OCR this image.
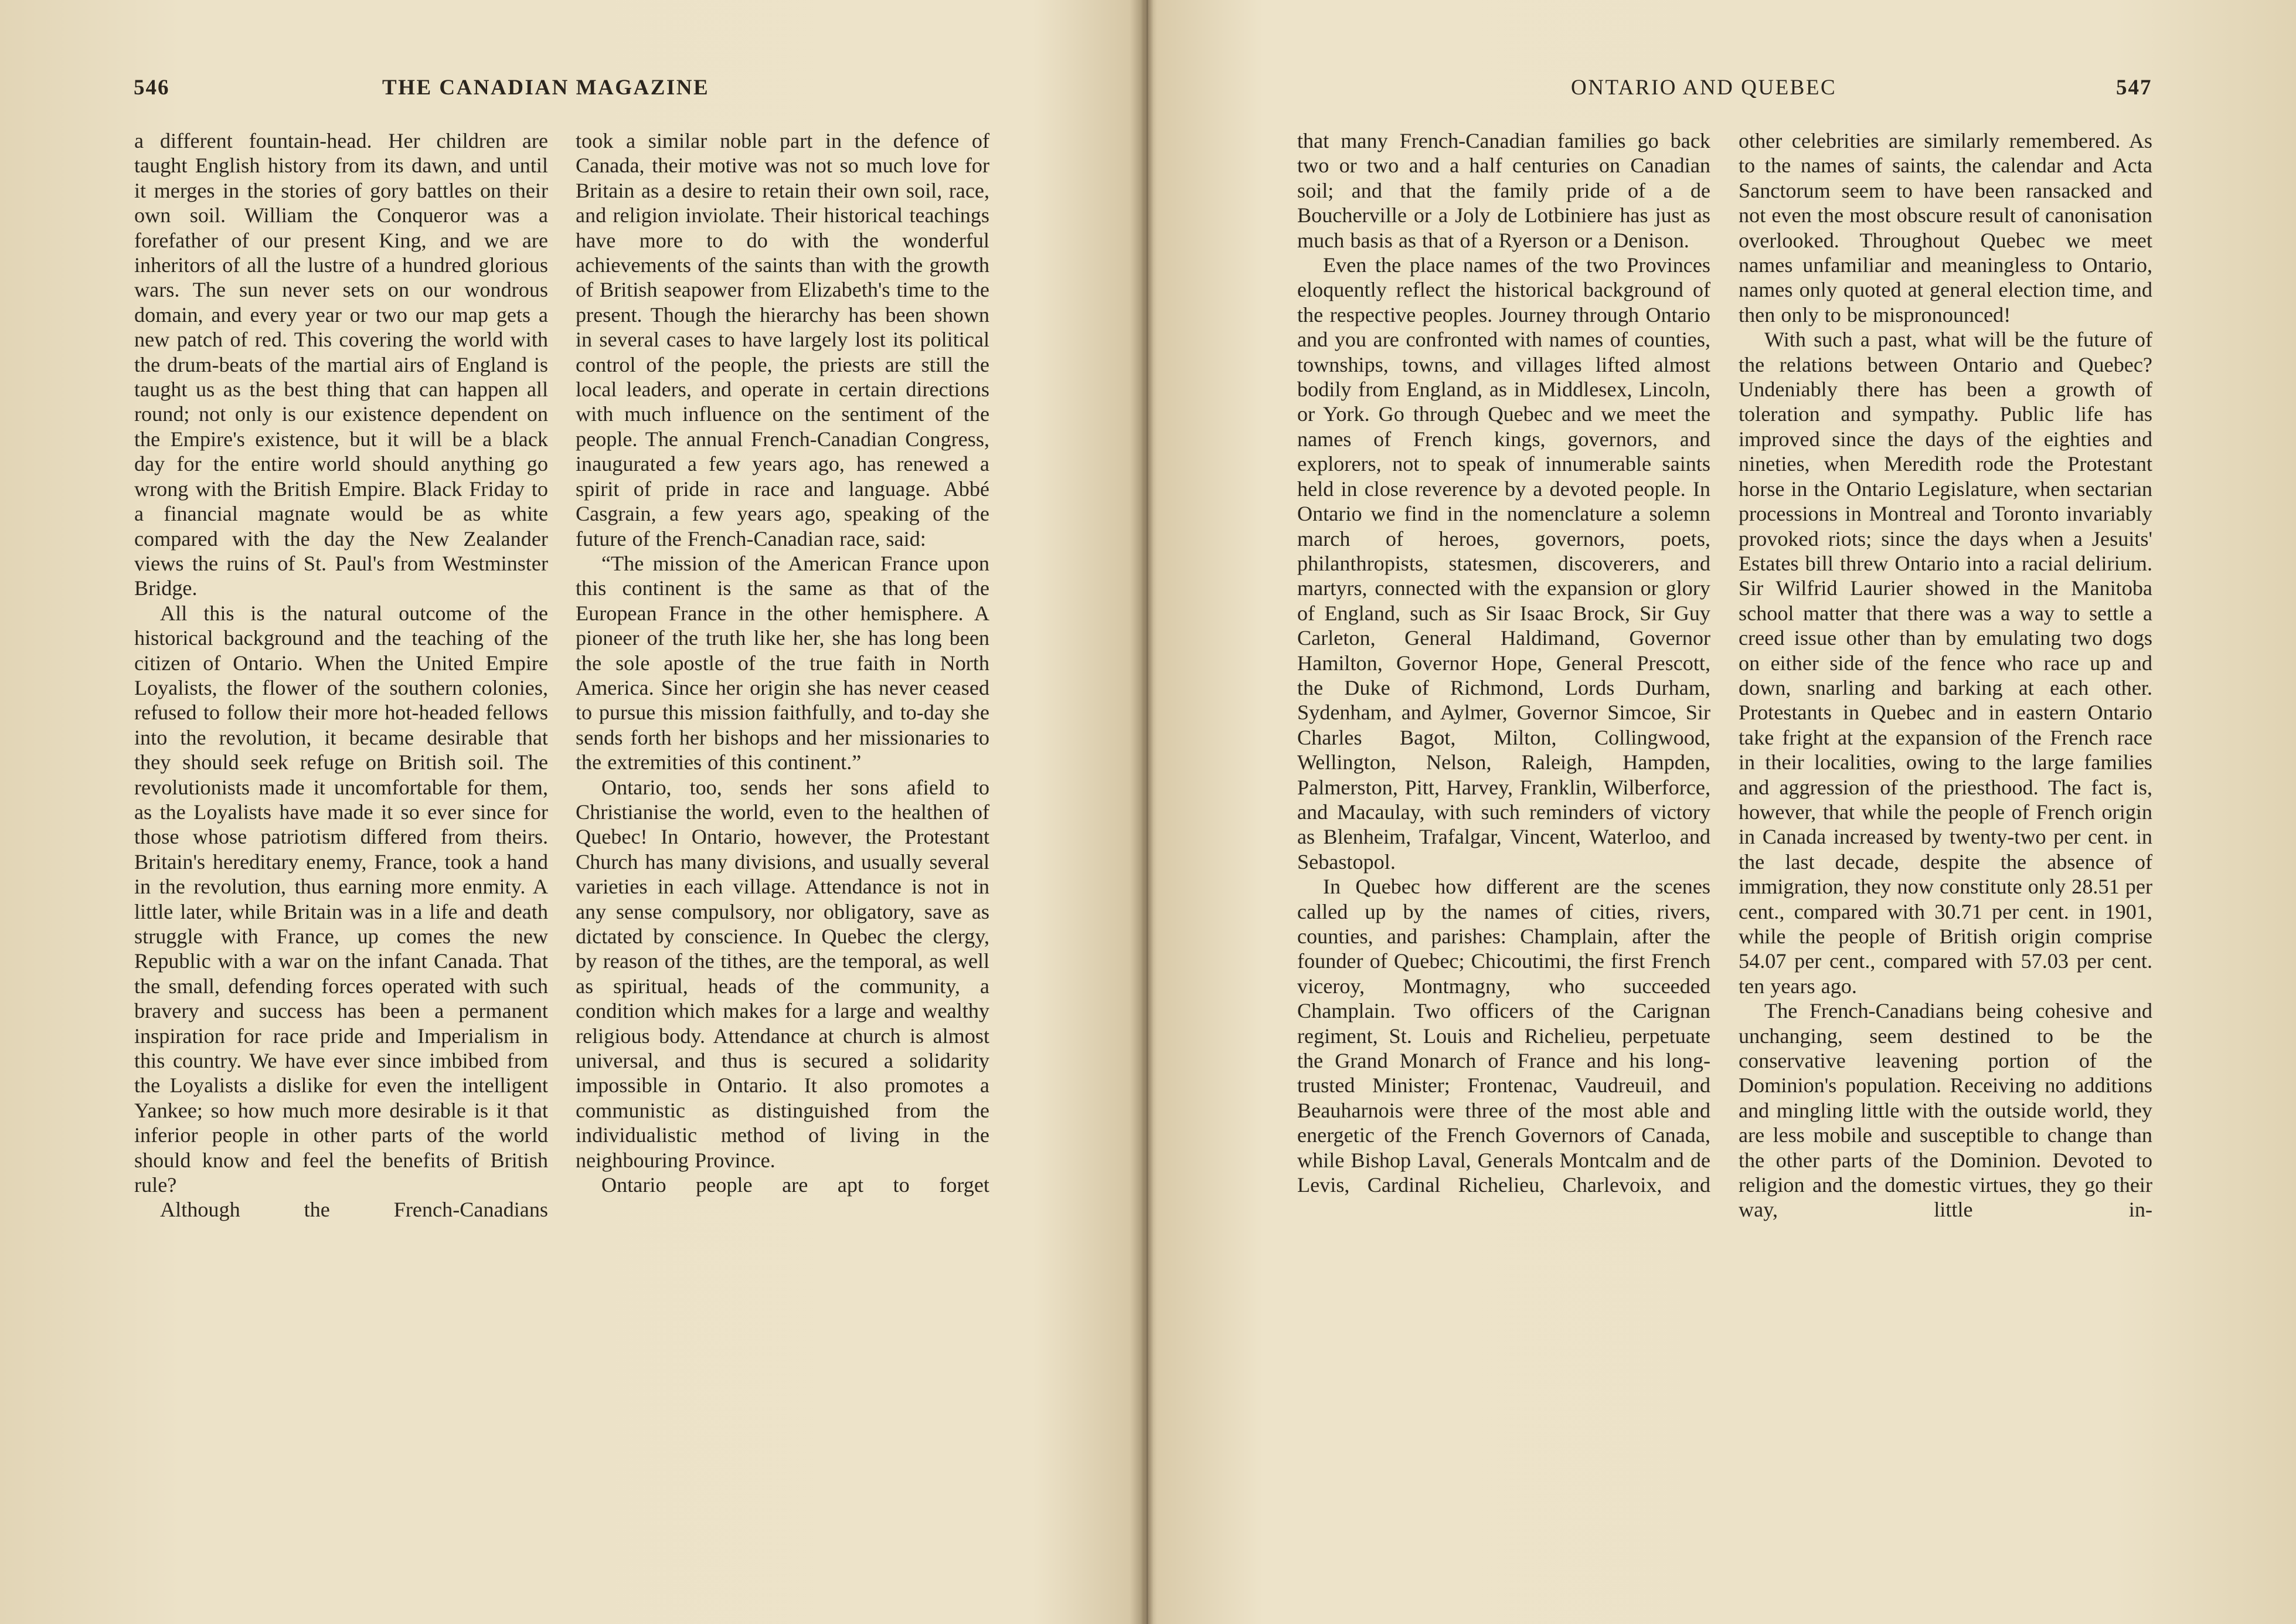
546	THE CANADIAN MAGAZINE

a different fountain-head. Her children are taught English history from its dawn, and until it merges in the stories of gory battles on their own soil. William the Conqueror was a forefather of our present King, and we are inheritors of all the lustre of a hundred glorious wars. The sun never sets on our wondrous domain, and every year or two our map gets a new patch of red. This covering the world with the drum-beats of the martial airs of England is taught us as the best thing that can happen all round; not only is our existence dependent on the Empire's existence, but it will be a black day for the entire world should anything go wrong with the British Empire. Black Friday to a financial magnate would be as white compared with the day the New Zealander views the ruins of St. Paul's from Westminster Bridge.

All this is the natural outcome of the historical background and the teaching of the citizen of Ontario. When the United Empire Loyalists, the flower of the southern colonies, refused to follow their more hot-headed fellows into the revolution, it became desirable that they should seek refuge on British soil. The revolutionists made it uncomfortable for them, as the Loyalists have made it so ever since for those whose patriotism differed from theirs. Britain's hereditary enemy, France, took a hand in the revolution, thus earning more enmity. A little later, while Britain was in a life and death struggle with France, up comes the new Republic with a war on the infant Canada. That the small, defending forces operated with such bravery and success has been a permanent inspiration for race pride and Imperialism in this country. We have ever since imbibed from the Loyalists a dislike for even the intelligent Yankee; so how much more desirable is it that inferior people in other parts of the world should know and feel the benefits of British rule?

Although the French-Canadians

took a similar noble part in the defence of Canada, their motive was not so much love for Britain as a desire to retain their own soil, race, and religion inviolate. Their historical teachings have more to do with the wonderful achievements of the saints than with the growth of British seapower from Elizabeth's time to the present. Though the hierarchy has been shown in several cases to have largely lost its political control of the people, the priests are still the local leaders, and operate in certain directions with much influence on the sentiment of the people. The annual French-Canadian Congress, inaugurated a few years ago, has renewed a spirit of pride in race and language. Abbé Casgrain, a few years ago, speaking of the future of the French-Canadian race, said:

“The mission of the American France upon this continent is the same as that of the European France in the other hemisphere. A pioneer of the truth like her, she has long been the sole apostle of the true faith in North America. Since her origin she has never ceased to pursue this mission faithfully, and to-day she sends forth her bishops and her missionaries to the extremities of this continent.”

Ontario, too, sends her sons afield to Christianise the world, even to the healthen of Quebec! In Ontario, however, the Protestant Church has many divisions, and usually several varieties in each village. Attendance is not in any sense compulsory, nor obligatory, save as dictated by conscience. In Quebec the clergy, by reason of the tithes, are the temporal, as well as spiritual, heads of the community, a condition which makes for a large and wealthy religious body. Attendance at church is almost universal, and thus is secured a solidarity impossible in Ontario. It also promotes a communistic as distinguished from the individualistic method of living in the neighbouring Province.

Ontario people are apt to forget

ONTARIO AND QUEBEC	547

that many French-Canadian families go back two or two and a half centuries on Canadian soil; and that the family pride of a de Boucherville or a Joly de Lotbiniere has just as much basis as that of a Ryerson or a Denison.

Even the place names of the two Provinces eloquently reflect the historical background of the respective peoples. Journey through Ontario and you are confronted with names of counties, townships, towns, and villages lifted almost bodily from England, as in Middlesex, Lincoln, or York. Go through Quebec and we meet the names of French kings, governors, and explorers, not to speak of innumerable saints held in close reverence by a devoted people. In Ontario we find in the nomenclature a solemn march of heroes, governors, poets, philanthropists, statesmen, discoverers, and martyrs, connected with the expansion or glory of England, such as Sir Isaac Brock, Sir Guy Carleton, General Haldimand, Governor Hamilton, Governor Hope, General Prescott, the Duke of Richmond, Lords Durham, Sydenham, and Aylmer, Governor Simcoe, Sir Charles Bagot, Milton, Collingwood, Wellington, Nelson, Raleigh, Hampden, Palmerston, Pitt, Harvey, Franklin, Wilberforce, and Macaulay, with such reminders of victory as Blenheim, Trafalgar, Vincent, Waterloo, and Sebastopol.

In Quebec how different are the scenes called up by the names of cities, rivers, counties, and parishes: Champlain, after the founder of Quebec; Chicoutimi, the first French viceroy, Montmagny, who succeeded Champlain. Two officers of the Carignan regiment, St. Louis and Richelieu, perpetuate the Grand Monarch of France and his long-trusted Minister; Frontenac, Vaudreuil, and Beauharnois were three of the most able and energetic of the French Governors of Canada, while Bishop Laval, Generals Montcalm and de Levis, Cardinal Richelieu, Charlevoix, and

other celebrities are similarly remembered. As to the names of saints, the calendar and Acta Sanctorum seem to have been ransacked and not even the most obscure result of canonisation overlooked. Throughout Quebec we meet names unfamiliar and meaningless to Ontario, names only quoted at general election time, and then only to be mispronounced!

With such a past, what will be the future of the relations between Ontario and Quebec? Undeniably there has been a growth of toleration and sympathy. Public life has improved since the days of the eighties and nineties, when Meredith rode the Protestant horse in the Ontario Legislature, when sectarian processions in Montreal and Toronto invariably provoked riots; since the days when a Jesuits' Estates bill threw Ontario into a racial delirium. Sir Wilfrid Laurier showed in the Manitoba school matter that there was a way to settle a creed issue other than by emulating two dogs on either side of the fence who race up and down, snarling and barking at each other. Protestants in Quebec and in eastern Ontario take fright at the expansion of the French race in their localities, owing to the large families and aggression of the priesthood. The fact is, however, that while the people of French origin in Canada increased by twenty-two per cent. in the last decade, despite the absence of immigration, they now constitute only 28.51 per cent., compared with 30.71 per cent. in 1901, while the people of British origin comprise 54.07 per cent., compared with 57.03 per cent. ten years ago.

The French-Canadians being cohesive and unchanging, seem destined to be the conservative leavening portion of the Dominion's population. Receiving no additions and mingling little with the outside world, they are less mobile and susceptible to change than the other parts of the Dominion. Devoted to religion and the domestic virtues, they go their way, little in-
